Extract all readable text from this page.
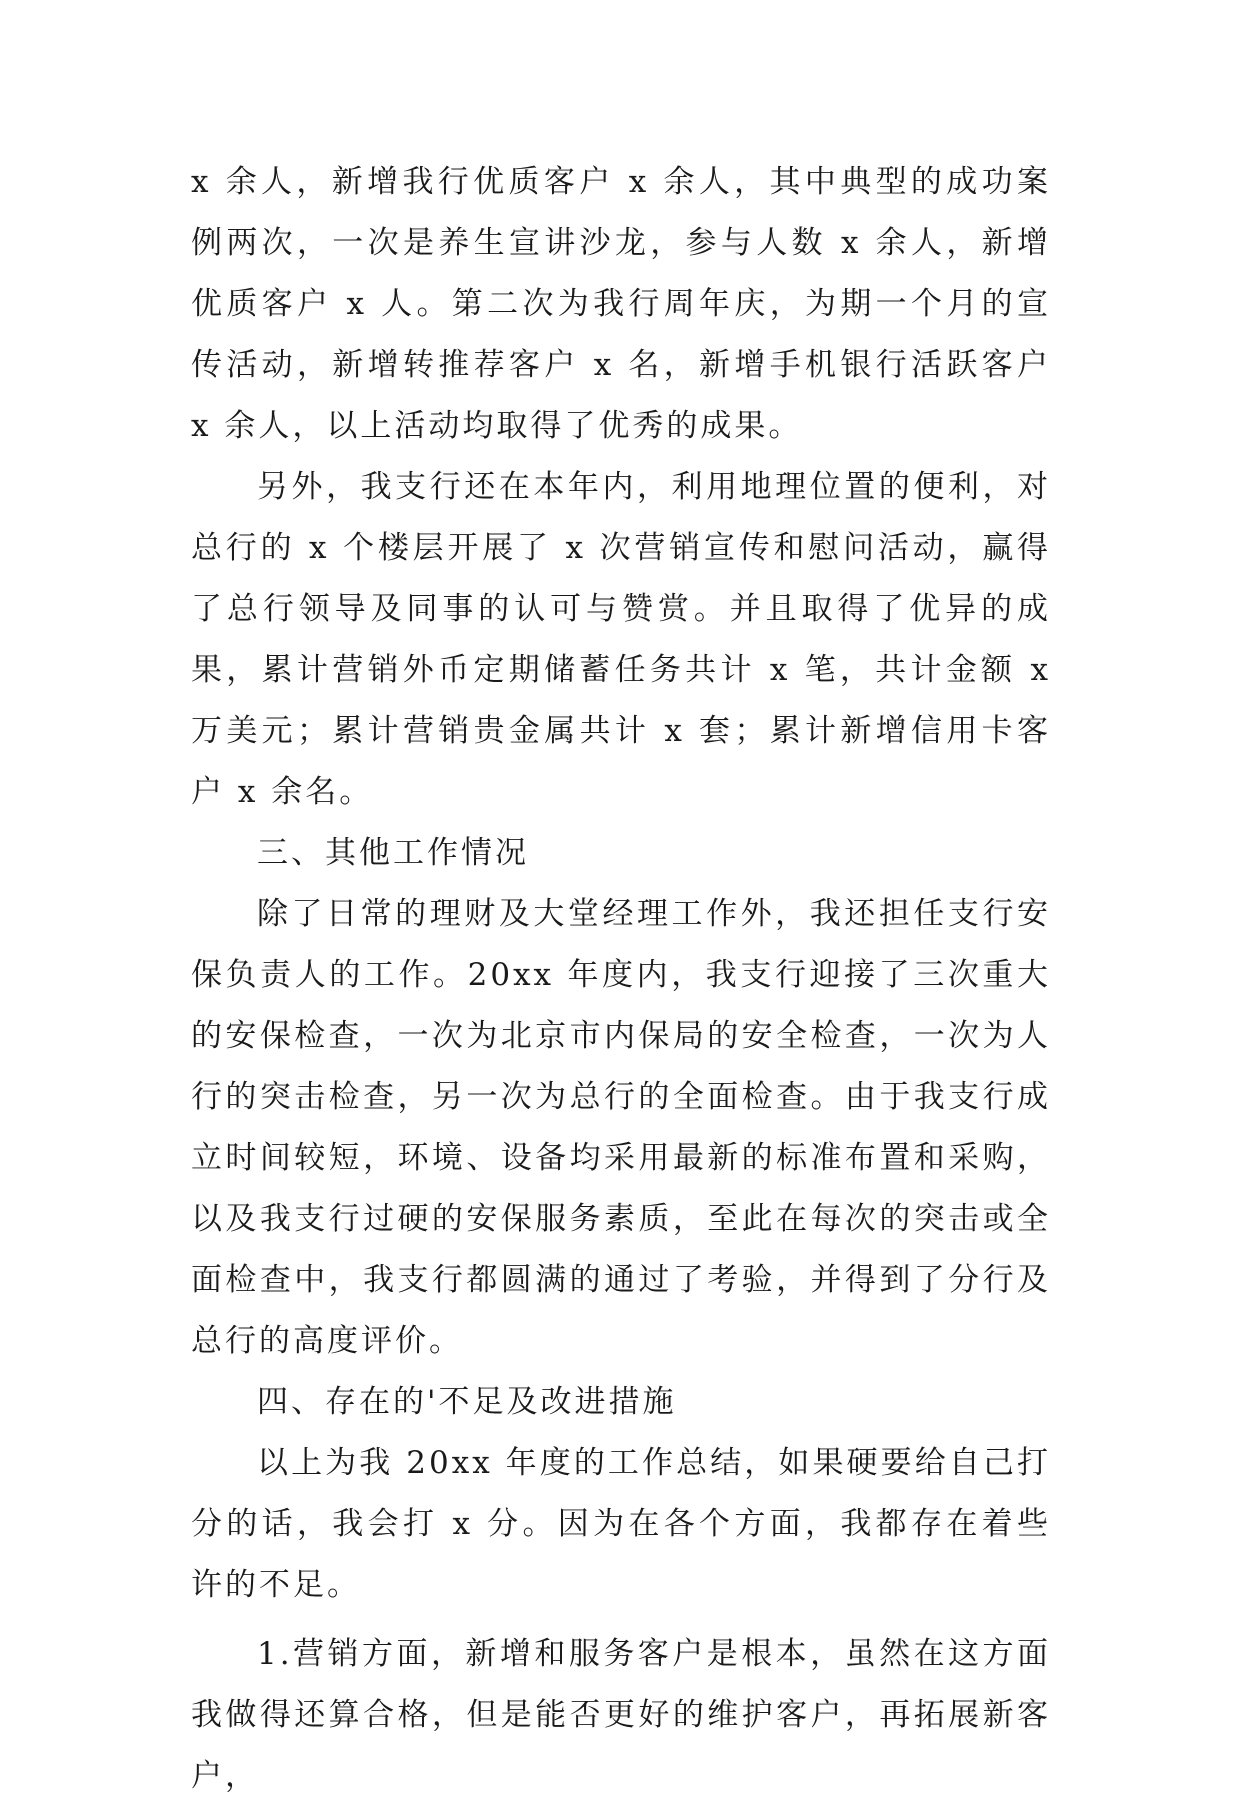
x 余人，新增我行优质客户 x 余人，其中典型的成功案例两次，一次是养生宣讲沙龙，参与人数 x 余人，新增优质客户 x 人。第二次为我行周年庆，为期一个月的宣传活动，新增转推荐客户 x 名，新增手机银行活跃客户 x 余人，以上活动均取得了优秀的成果。

另外，我支行还在本年内，利用地理位置的便利，对总行的 x 个楼层开展了 x 次营销宣传和慰问活动，赢得了总行领导及同事的认可与赞赏。并且取得了优异的成果，累计营销外币定期储蓄任务共计 x 笔，共计金额 x 万美元；累计营销贵金属共计 x 套；累计新增信用卡客户 x 余名。

三、其他工作情况

除了日常的理财及大堂经理工作外，我还担任支行安保负责人的工作。20xx 年度内，我支行迎接了三次重大的安保检查，一次为北京市内保局的安全检查，一次为人行的突击检查，另一次为总行的全面检查。由于我支行成立时间较短，环境、设备均采用最新的标准布置和采购，以及我支行过硬的安保服务素质，至此在每次的突击或全面检查中，我支行都圆满的通过了考验，并得到了分行及总行的高度评价。

四、存在的'不足及改进措施

以上为我 20xx 年度的工作总结，如果硬要给自己打分的话，我会打 x 分。因为在各个方面，我都存在着些许的不足。

1.营销方面，新增和服务客户是根本，虽然在这方面我做得还算合格，但是能否更好的维护客户，再拓展新客户，
